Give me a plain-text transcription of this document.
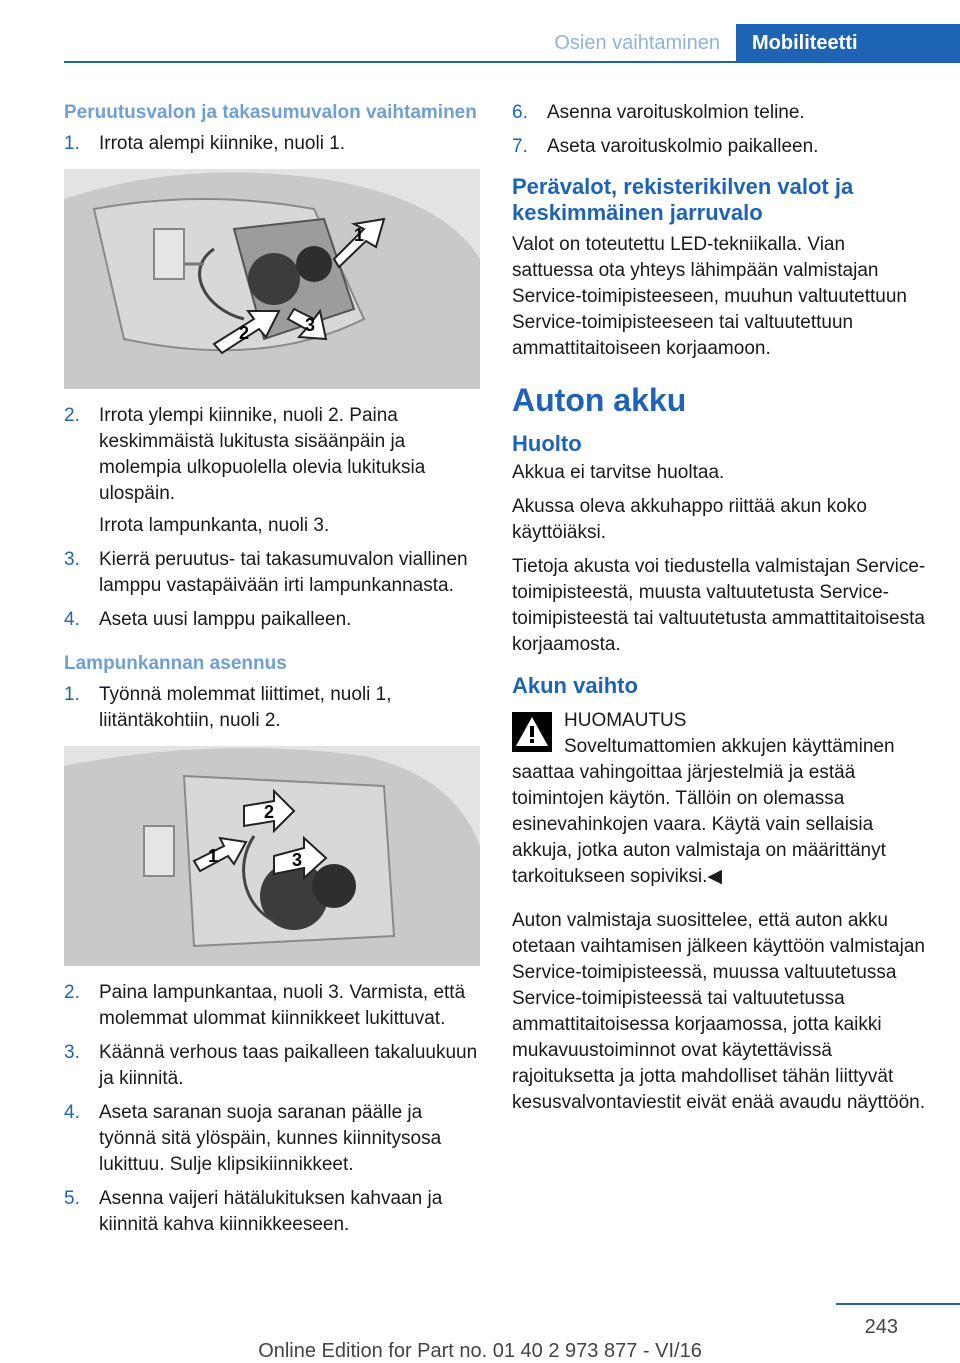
Osien vaihtaminen	Mobiliteetti
Peruutusvalon ja takasumuvalon vaihtaminen
1. Irrota alempi kiinnike, nuoli 1.
1
2	3
2. Irrota ylempi kiinnike, nuoli 2. Paina keskimmäistä lukitusta sisäänpäin ja molempia ulkopuolella olevia lukituksia ulospäin.
Irrota lampunkanta, nuoli 3.
3. Kierrä peruutus- tai takasumuvalon viallinen lamppu vastapäivään irti lampunkannasta.
4. Aseta uusi lamppu paikalleen.
Lampunkannan asennus
1. Työnnä molemmat liittimet, nuoli 1, liitäntäkohtiin, nuoli 2.
1
2
3
2. Paina lampunkantaa, nuoli 3. Varmista, että molemmat ulommat kiinnikkeet lukittuvat.
3. Käännä verhous taas paikalleen takaluukuun ja kiinnitä.
4. Aseta saranan suoja saranan päälle ja työnnä sitä ylöspäin, kunnes kiinnitysosa lukittuu. Sulje klipsikiinnikkeet.
5. Asenna vaijeri hätälukituksen kahvaan ja kiinnitä kahva kiinnikkeeseen.
6. Asenna varoituskolmion teline.
7. Aseta varoituskolmio paikalleen.
Perävalot, rekisterikilven valot ja keskimmäinen jarruvalo

Valot on toteutettu LED-tekniikalla. Vian sattuessa ota yhteys lähimpään valmistajan Service-toimipisteeseen, muuhun valtuutettuun Service-toimipisteeseen tai valtuutettuun ammattitaitoiseen korjaamoon.

Auton akku
Huolto

Akkua ei tarvitse huoltaa.

Akussa oleva akkuhappo riittää akun koko käyttöiäksi.

Tietoja akusta voi tiedustella valmistajan Service-toimipisteestä, muusta valtuutetusta Service-toimipisteestä tai valtuutetusta ammattitaitoisesta korjaamosta.

Akun vaihto
HUOMAUTUS
Soveltumattomien akkujen käyttäminen
saattaa vahingoittaa järjestelmiä ja estää toimintojen käytön. Tällöin on olemassa esinevahinkojen vaara. Käytä vain sellaisia akkuja, jotka auton valmistaja on määrittänyt tarkoitukseen sopiviksi.◀

Auton valmistaja suosittelee, että auton akku otetaan vaihtamisen jälkeen käyttöön valmistajan Service-toimipisteessä, muussa valtuutetussa Service-toimipisteessä tai valtuutetussa ammattitaitoisessa korjaamossa, jotta kaikki mukavuustoiminnot ovat käytettävissä rajoituksetta ja jotta mahdolliset tähän liittyvät kesusvalvontaviestit eivät enää avaudu näyttöön.

243
Online Edition for Part no. 01 40 2 973 877 - VI/16
